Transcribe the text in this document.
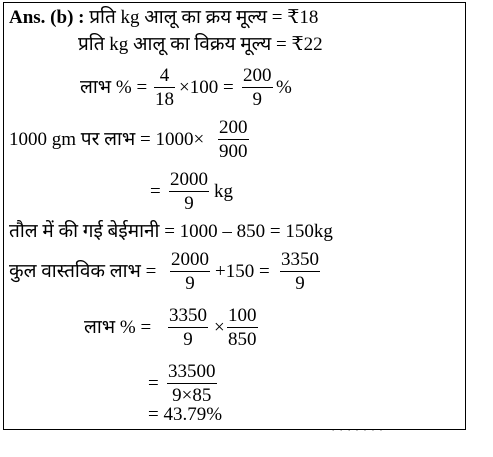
Ans. (b) : प्रति kg आलू का क्रय मूल्य = ₹18
प्रति kg आलू का विक्रय मूल्य = ₹22
लाभ % = $\frac{4}{18} \times 100 = \frac{200}{9}$ %
1000 gm पर लाभ = $1000\times \frac{200}{900}$
= $\frac{2000}{9}$ kg
तौल में की गई बेईमानी = 1000 – 850 = 150kg
कुल वास्तविक लाभ = $\frac{2000}{9} +150 = \frac{3350}{9}$
लाभ % = $\frac{3350}{9} \times \frac{100}{850}$
= $\frac{33500}{9\times 85}$
= 43.79%
‧ ‧ ‧ ‧ ‧ ‧ ‧
